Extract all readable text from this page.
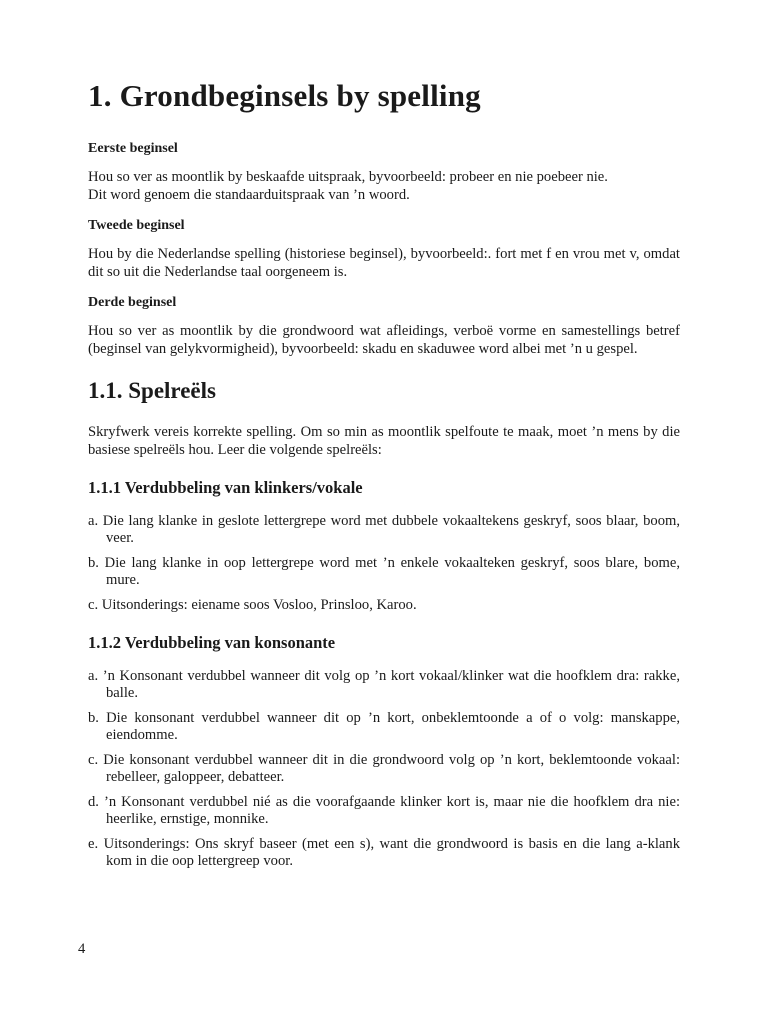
1. Grondbeginsels by spelling
Eerste beginsel
Hou so ver as moontlik by beskaafde uitspraak, byvoorbeeld: probeer en nie poebeer nie.
Dit word genoem die standaarduitspraak van ’n woord.
Tweede beginsel
Hou by die Nederlandse spelling (historiese beginsel), byvoorbeeld:. fort met f en vrou met v, omdat dit so uit die Nederlandse taal oorgeneem is.
Derde beginsel
Hou so ver as moontlik by die grondwoord wat afleidings, verboë vorme en samestellings betref (beginsel van gelykvormigheid), byvoorbeeld: skadu en skaduwee word albei met ’n u gespel.
1.1. Spelreëls
Skryfwerk vereis korrekte spelling. Om so min as moontlik spelfoute te maak, moet ’n mens by die basiese spelreëls hou. Leer die volgende spelreëls:
1.1.1 Verdubbeling van klinkers/vokale
a. Die lang klanke in geslote lettergrepe word met dubbele vokaaltekens geskryf, soos blaar, boom, veer.
b. Die lang klanke in oop lettergrepe word met ’n enkele vokaalteken geskryf, soos blare, bome, mure.
c. Uitsonderings: eiename soos Vosloo, Prinsloo, Karoo.
1.1.2 Verdubbeling van konsonante
a. ’n Konsonant verdubbel wanneer dit volg op ’n kort vokaal/klinker wat die hoofklem dra: rakke, balle.
b. Die konsonant verdubbel wanneer dit op ’n kort, onbeklemtoonde a of o volg: manskappe, eiendomme.
c. Die konsonant verdubbel wanneer dit in die grondwoord volg op ’n kort, beklemtoonde vokaal: rebelleer, galoppeer, debatteer.
d. ’n Konsonant verdubbel nié as die voorafgaande klinker kort is, maar nie die hoofklem dra nie: heerlike, ernstige, monnike.
e. Uitsonderings: Ons skryf baseer (met een s), want die grondwoord is basis en die lang a-klank kom in die oop lettergreep voor.
4
